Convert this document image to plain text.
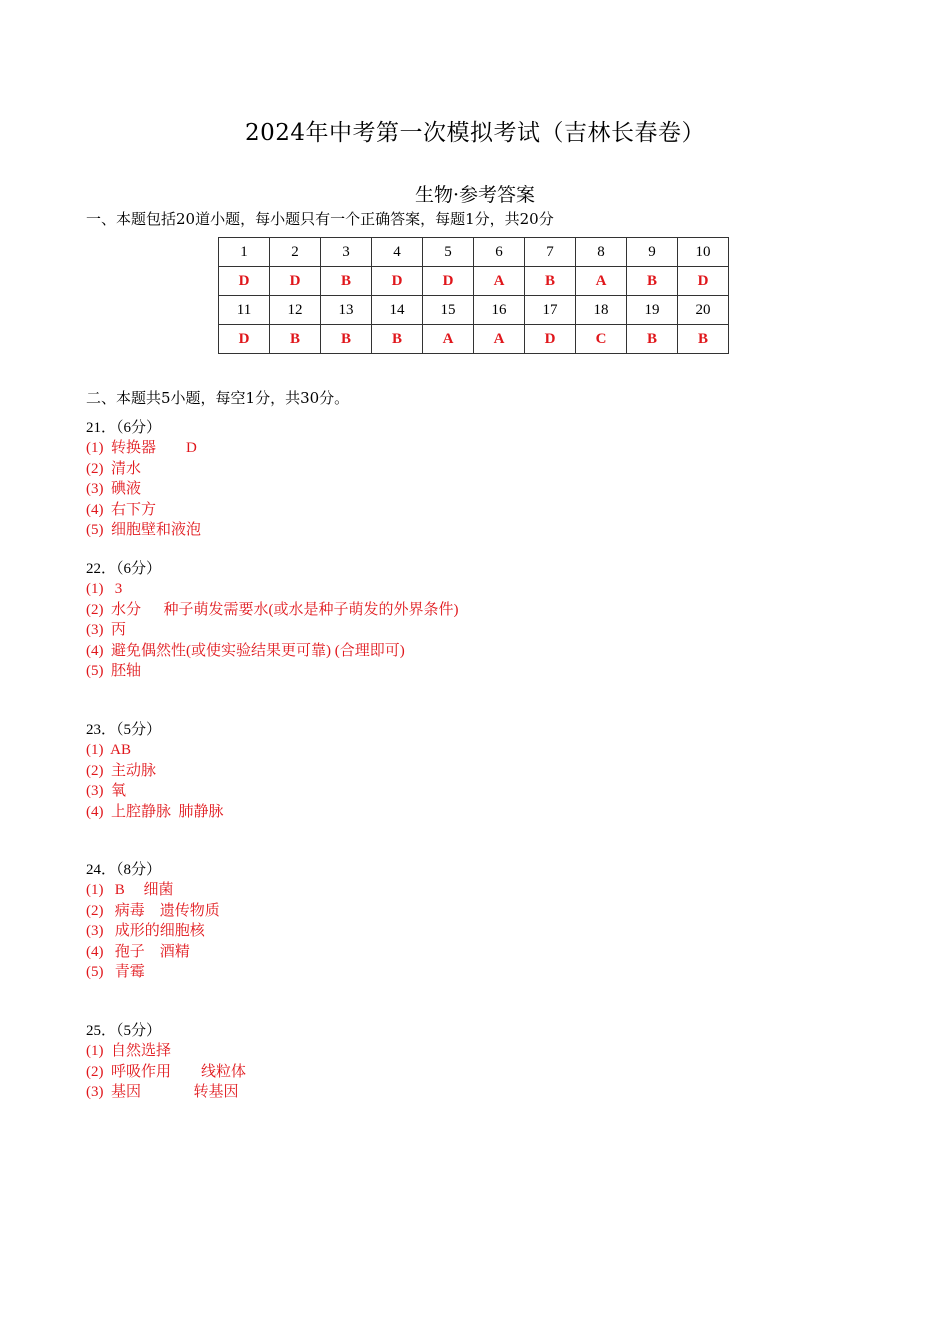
2024年中考第一次模拟考试（吉林长春卷）
生物·参考答案
一、本题包括20道小题，每小题只有一个正确答案，每题1分，共20分
1	2	3	4	5	6	7	8	9	10
D	D	B	D	D	A	B	A	B	D
11	12	13	14	15	16	17	18	19	20
D	B	B	B	A	A	D	C	B	B
二、本题共5小题，每空1分，共30分。
21．（6分）
(1)  转换器        D
(2)  清水
(3)  碘液
(4)  右下方
(5)  细胞壁和液泡
22．（6分）
(1)   3
(2)  水分      种子萌发需要水(或水是种子萌发的外界条件)
(3)  丙
(4)  避免偶然性(或使实验结果更可靠) (合理即可)
(5)  胚轴
23．（5分）
(1)  AB
(2)  主动脉
(3)  氧
(4)  上腔静脉  肺静脉
24．（8分）
(1)   B     细菌
(2)   病毒    遗传物质
(3)   成形的细胞核
(4)   孢子    酒精
(5)   青霉
25．（5分）
(1)  自然选择
(2)  呼吸作用        线粒体
(3)  基因              转基因
